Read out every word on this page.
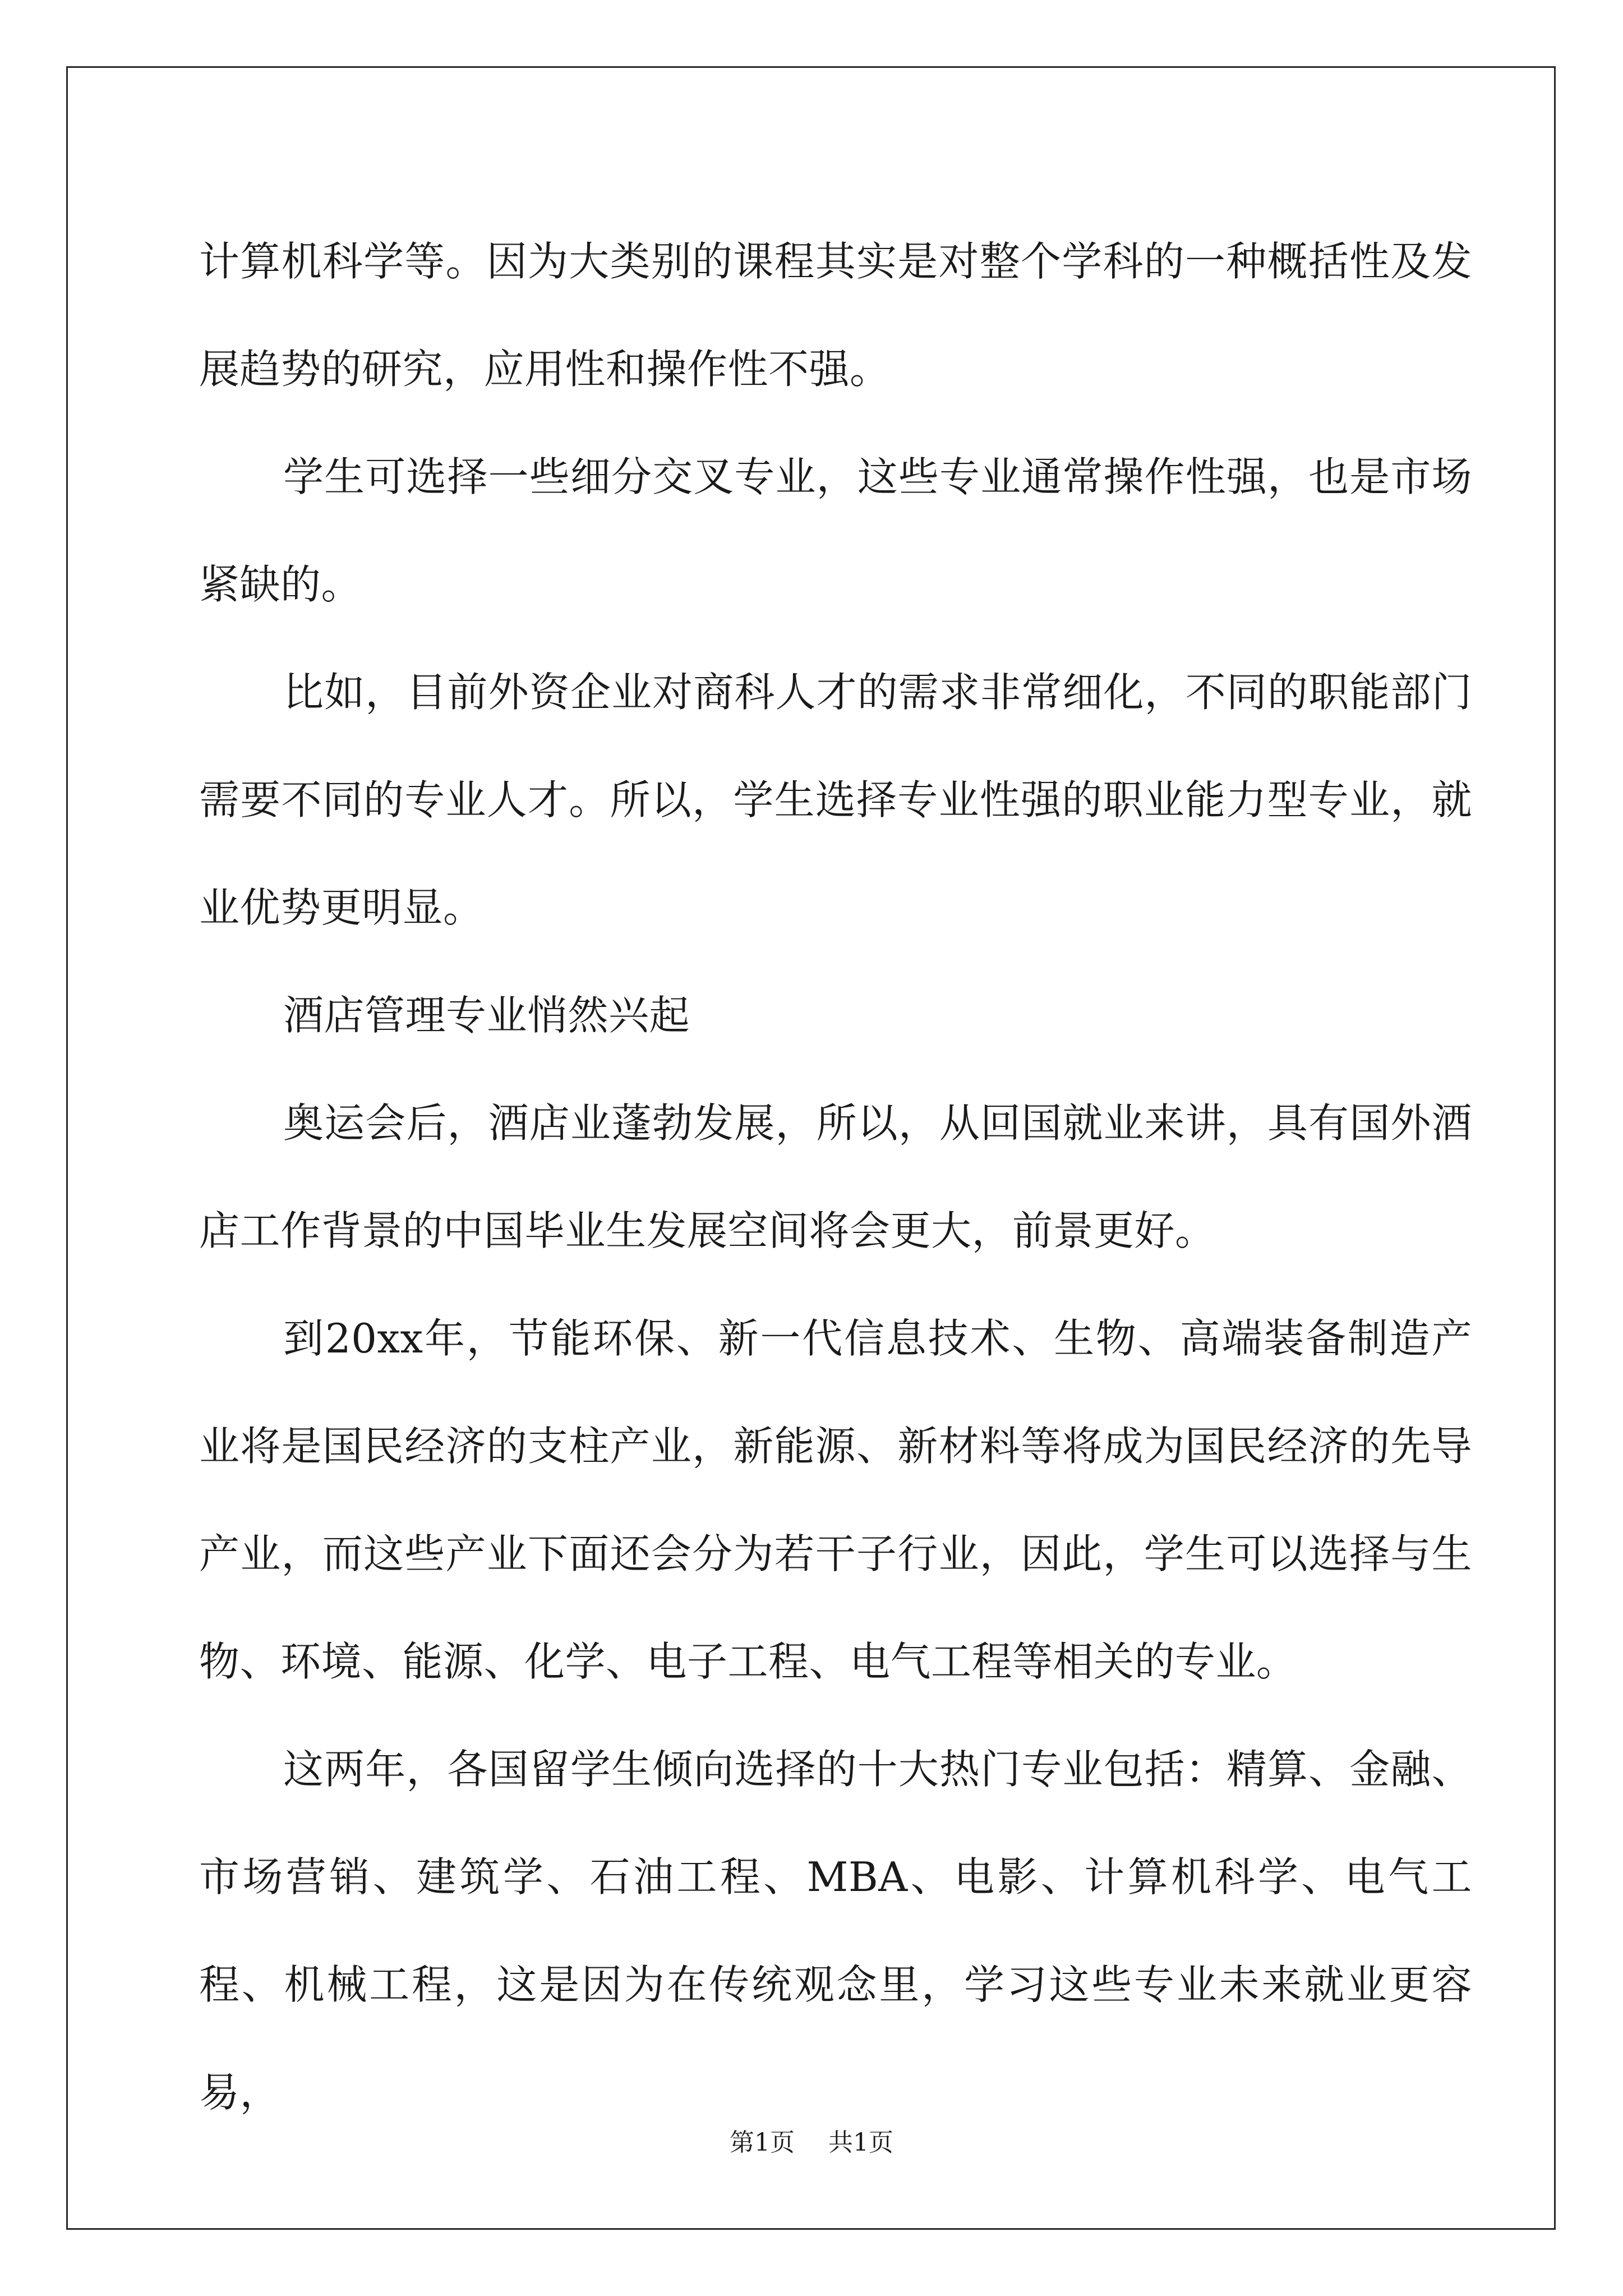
计算机科学等。因为大类别的课程其实是对整个学科的一种概括性及发展趋势的研究，应用性和操作性不强。

学生可选择一些细分交叉专业，这些专业通常操作性强，也是市场紧缺的。

比如，目前外资企业对商科人才的需求非常细化，不同的职能部门需要不同的专业人才。所以，学生选择专业性强的职业能力型专业，就业优势更明显。

酒店管理专业悄然兴起

奥运会后，酒店业蓬勃发展，所以，从回国就业来讲，具有国外酒店工作背景的中国毕业生发展空间将会更大，前景更好。

到20xx年，节能环保、新一代信息技术、生物、高端装备制造产业将是国民经济的支柱产业，新能源、新材料等将成为国民经济的先导产业，而这些产业下面还会分为若干子行业，因此，学生可以选择与生物、环境、能源、化学、电子工程、电气工程等相关的专业。

这两年，各国留学生倾向选择的十大热门专业包括：精算、金融、市场营销、建筑学、石油工程、MBA、电影、计算机科学、电气工程、机械工程，这是因为在传统观念里，学习这些专业未来就业更容易，

第1页 共1页
